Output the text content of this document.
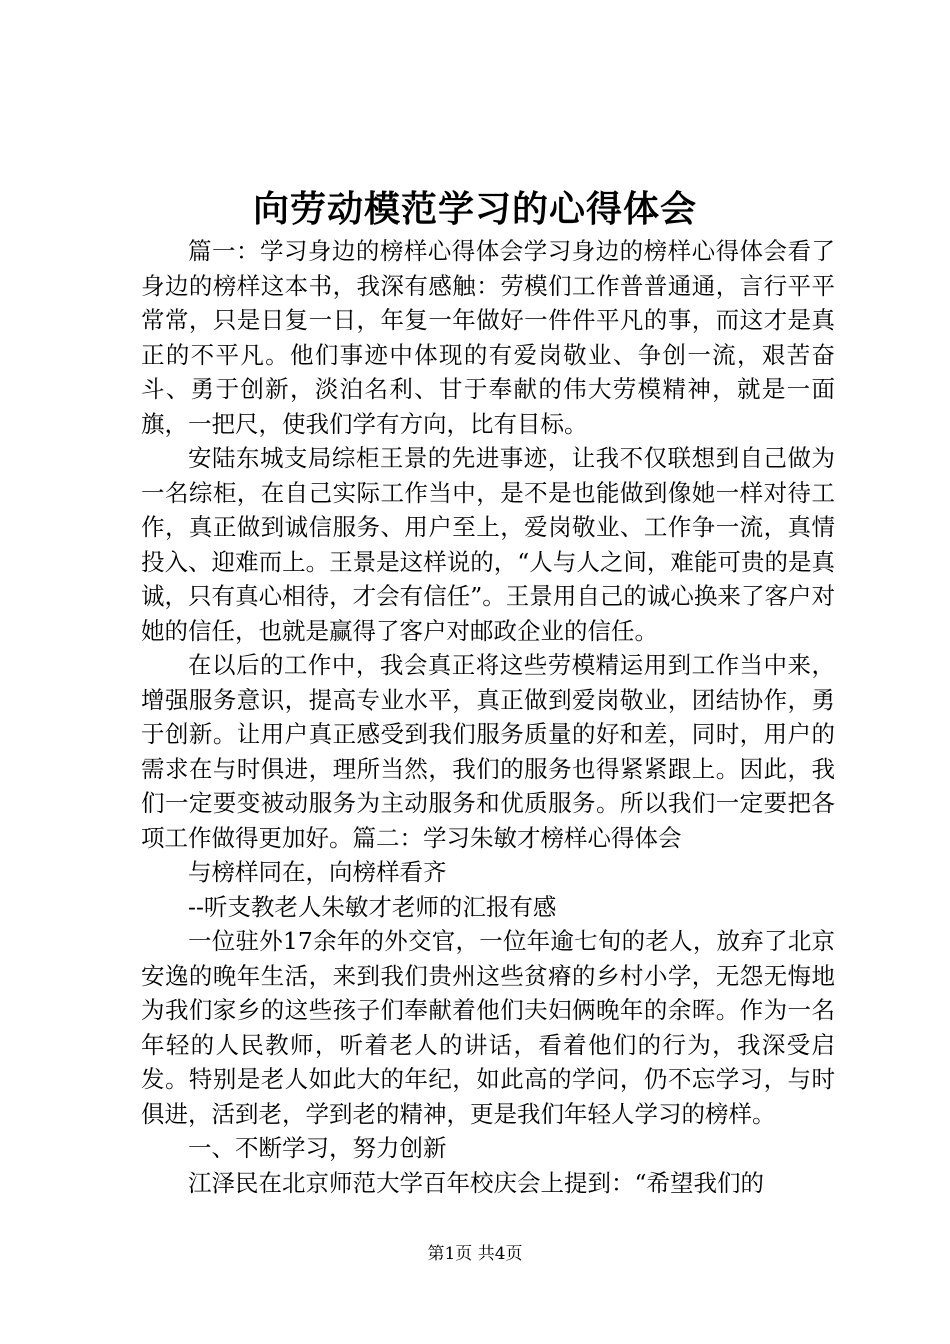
向劳动模范学习的心得体会

篇一：学习身边的榜样心得体会学习身边的榜样心得体会看了身边的榜样这本书，我深有感触：劳模们工作普普通通，言行平平常常，只是日复一日，年复一年做好一件件平凡的事，而这才是真正的不平凡。他们事迹中体现的有爱岗敬业、争创一流，艰苦奋斗、勇于创新，淡泊名利、甘于奉献的伟大劳模精神，就是一面旗，一把尺，使我们学有方向，比有目标。

安陆东城支局综柜王景的先进事迹，让我不仅联想到自己做为一名综柜，在自己实际工作当中，是不是也能做到像她一样对待工作，真正做到诚信服务、用户至上，爱岗敬业、工作争一流，真情投入、迎难而上。王景是这样说的，“人与人之间，难能可贵的是真诚，只有真心相待，才会有信任”。王景用自己的诚心换来了客户对她的信任，也就是赢得了客户对邮政企业的信任。

在以后的工作中，我会真正将这些劳模精运用到工作当中来，增强服务意识，提高专业水平，真正做到爱岗敬业，团结协作，勇于创新。让用户真正感受到我们服务质量的好和差，同时，用户的需求在与时俱进，理所当然，我们的服务也得紧紧跟上。因此，我们一定要变被动服务为主动服务和优质服务。所以我们一定要把各项工作做得更加好。篇二：学习朱敏才榜样心得体会

与榜样同在，向榜样看齐

--听支教老人朱敏才老师的汇报有感

一位驻外17余年的外交官，一位年逾七旬的老人，放弃了北京安逸的晚年生活，来到我们贵州这些贫瘠的乡村小学，无怨无悔地为我们家乡的这些孩子们奉献着他们夫妇俩晚年的余晖。作为一名年轻的人民教师，听着老人的讲话，看着他们的行为，我深受启发。特别是老人如此大的年纪，如此高的学问，仍不忘学习，与时俱进，活到老，学到老的精神，更是我们年轻人学习的榜样。

一、不断学习，努力创新

江泽民在北京师范大学百年校庆会上提到：“希望我们的

第1页 共4页
